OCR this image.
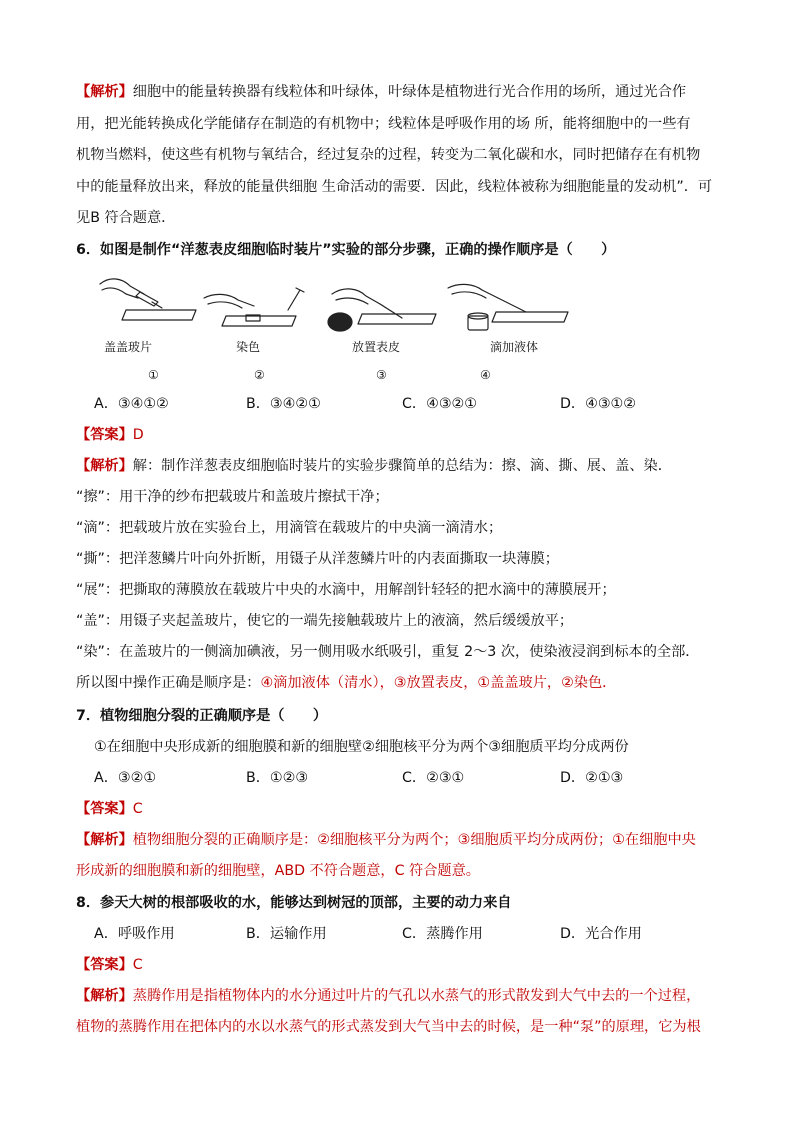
【解析】细胞中的能量转换器有线粒体和叶绿体，叶绿体是植物进行光合作用的场所，通过光合作
用，把光能转换成化学能储存在制造的有机物中；线粒体是呼吸作用的场 所，能将细胞中的一些有
机物当燃料，使这些有机物与氧结合，经过复杂的过程，转变为二氧化碳和水，同时把储存在有机物
中的能量释放出来，释放的能量供细胞 生命活动的需要．因此，线粒体被称为细胞能量的发动机”．可
见B 符合题意．
6．如图是制作“洋葱表皮细胞临时装片”实验的部分步骤，正确的操作顺序是（　　）
盖盖玻片	染色	放置表皮	滴加液体
①	②	③	④
A．③④①②	B．③④②①	C．④③②①	D．④③①②
【答案】D
【解析】解：制作洋葱表皮细胞临时装片的实验步骤简单的总结为：擦、滴、撕、展、盖、染．
“擦”：用干净的纱布把载玻片和盖玻片擦拭干净；
“滴”：把载玻片放在实验台上，用滴管在载玻片的中央滴一滴清水；
“撕”：把洋葱鳞片叶向外折断，用镊子从洋葱鳞片叶的内表面撕取一块薄膜；
“展”：把撕取的薄膜放在载玻片中央的水滴中，用解剖针轻轻的把水滴中的薄膜展开；
“盖”：用镊子夹起盖玻片，使它的一端先接触载玻片上的液滴，然后缓缓放平；
“染”：在盖玻片的一侧滴加碘液，另一侧用吸水纸吸引，重复 2～3 次，使染液浸润到标本的全部．
所以图中操作正确是顺序是：④滴加液体（清水），③放置表皮，①盖盖玻片，②染色．
7．植物细胞分裂的正确顺序是（　　）
①在细胞中央形成新的细胞膜和新的细胞壁②细胞核平分为两个③细胞质平均分成两份
A．③②①	B．①②③	C．②③①	D．②①③
【答案】C
【解析】植物细胞分裂的正确顺序是：②细胞核平分为两个；③细胞质平均分成两份；①在细胞中央
形成新的细胞膜和新的细胞壁，ABD 不符合题意，C 符合题意。
8．参天大树的根部吸收的水，能够达到树冠的顶部，主要的动力来自
A．呼吸作用	B．运输作用	C．蒸腾作用	D．光合作用
【答案】C
【解析】蒸腾作用是指植物体内的水分通过叶片的气孔以水蒸气的形式散发到大气中去的一个过程，
植物的蒸腾作用在把体内的水以水蒸气的形式蒸发到大气当中去的时候，是一种“泵”的原理，它为根
